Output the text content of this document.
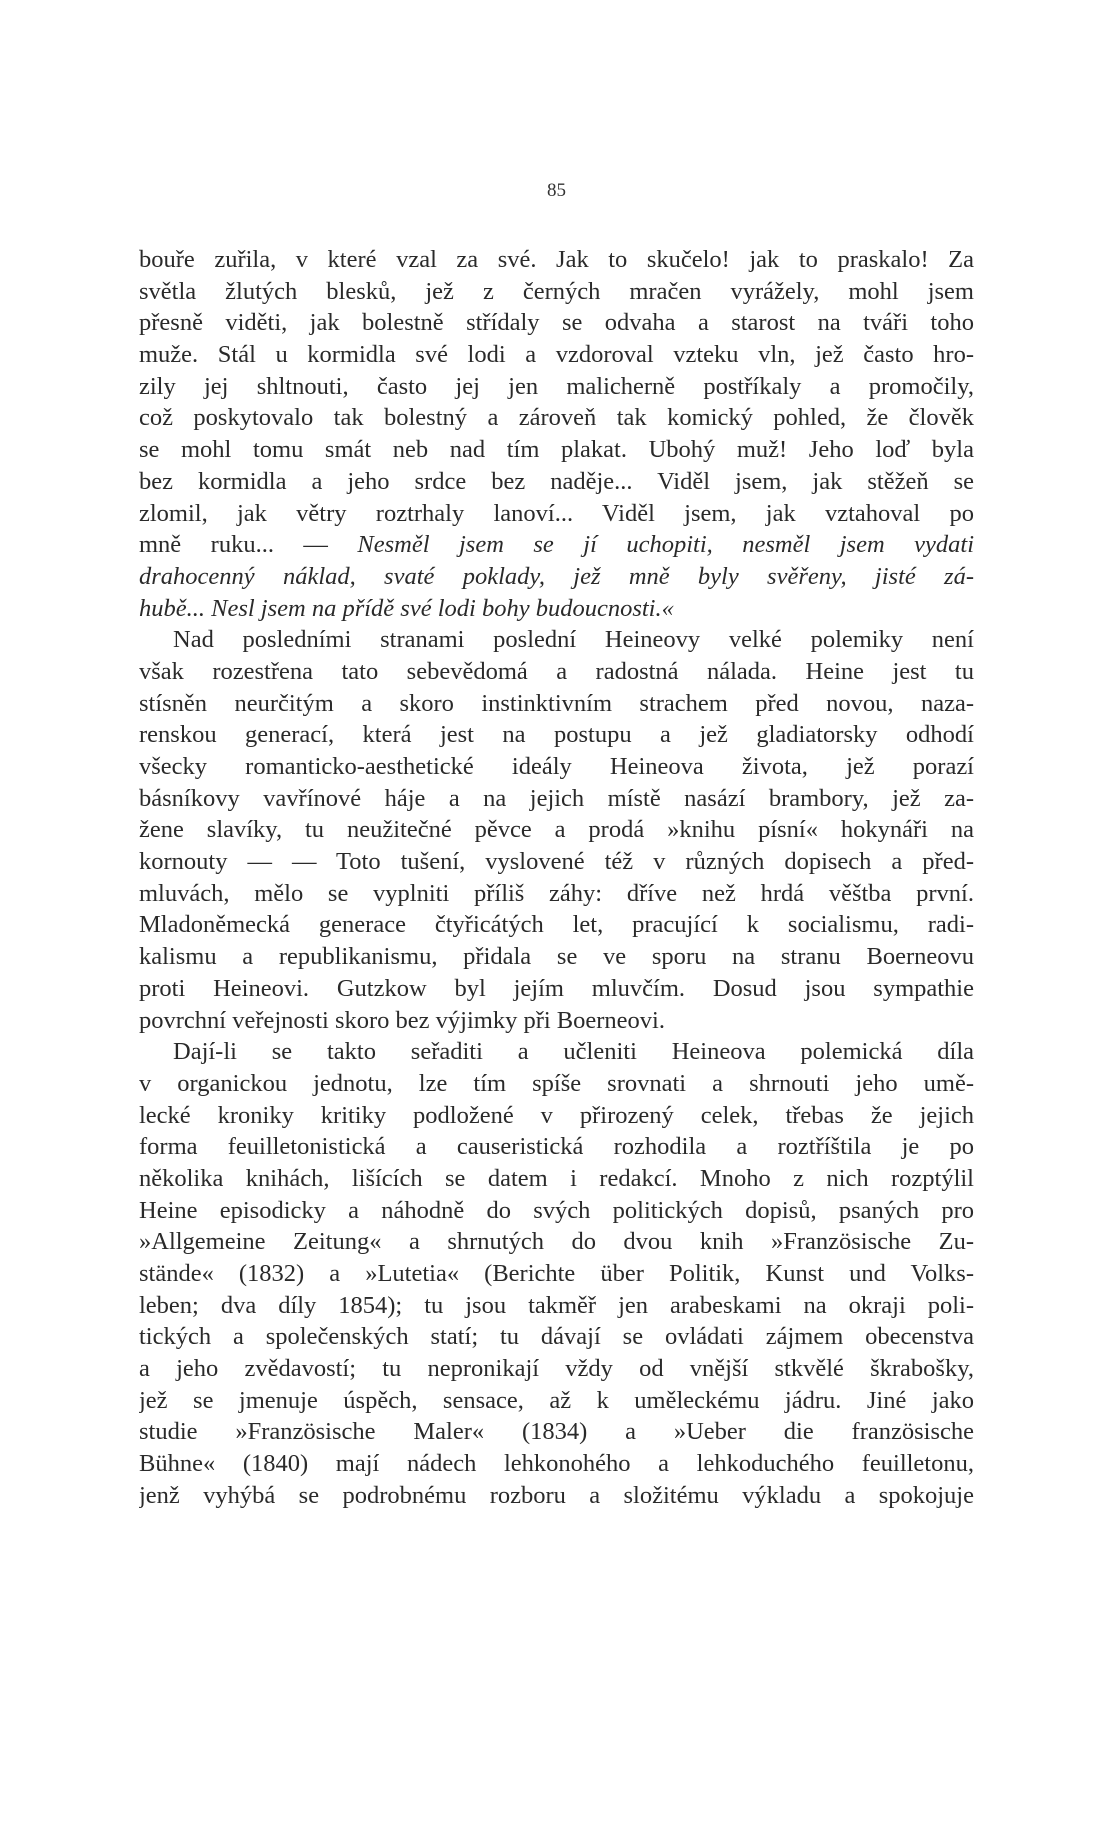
85
bouře zuřila, v které vzal za své. Jak to skučelo! jak to praskalo! Za
světla žlutých blesků, jež z černých mračen vyrážely, mohl jsem
přesně viděti, jak bolestně střídaly se odvaha a starost na tváři toho
muže. Stál u kormidla své lodi a vzdoroval vzteku vln, jež často hro-
zily jej shltnouti, často jej jen malicherně postříkaly a promočily,
což poskytovalo tak bolestný a zároveň tak komický pohled, že člověk
se mohl tomu smát neb nad tím plakat. Ubohý muž! Jeho loď byla
bez kormidla a jeho srdce bez naděje... Viděl jsem, jak stěžeň se
zlomil, jak větry roztrhaly lanoví... Viděl jsem, jak vztahoval po
mně ruku... — Nesměl jsem se jí uchopiti, nesměl jsem vydati
drahocenný náklad, svaté poklady, jež mně byly svěřeny, jisté zá-
hubě... Nesl jsem na přídě své lodi bohy budoucnosti.«
Nad posledními stranami poslední Heineovy velké polemiky není
však rozestřena tato sebevědomá a radostná nálada. Heine jest tu
stísněn neurčitým a skoro instinktivním strachem před novou, naza-
renskou generací, která jest na postupu a jež gladiatorsky odhodí
všecky romanticko-aesthetické ideály Heineova života, jež porazí
básníkovy vavřínové háje a na jejich místě nasází brambory, jež za-
žene slavíky, tu neužitečné pěvce a prodá »knihu písní« hokynáři na
kornouty — — Toto tušení, vyslovené též v různých dopisech a před-
mluvách, mělo se vyplniti příliš záhy: dříve než hrdá věštba první.
Mladoněmecká generace čtyřicátých let, pracující k socialismu, radi-
kalismu a republikanismu, přidala se ve sporu na stranu Boerneovu
proti Heineovi. Gutzkow byl jejím mluvčím. Dosud jsou sympathie
povrchní veřejnosti skoro bez výjimky při Boerneovi.
Dají-li se takto seřaditi a učleniti Heineova polemická díla
v organickou jednotu, lze tím spíše srovnati a shrnouti jeho umě-
lecké kroniky kritiky podložené v přirozený celek, třebas že jejich
forma feuilletonistická a causeristická rozhodila a roztříštila je po
několika knihách, lišících se datem i redakcí. Mnoho z nich rozptýlil
Heine episodicky a náhodně do svých politických dopisů, psaných pro
»Allgemeine Zeitung« a shrnutých do dvou knih »Französische Zu-
stände« (1832) a »Lutetia« (Berichte über Politik, Kunst und Volks-
leben; dva díly 1854); tu jsou takměř jen arabeskami na okraji poli-
tických a společenských statí; tu dávají se ovládati zájmem obecenstva
a jeho zvědavostí; tu nepronikají vždy od vnější stkvělé škrabošky,
jež se jmenuje úspěch, sensace, až k uměleckému jádru. Jiné jako
studie »Französische Maler« (1834) a »Ueber die französische
Bühne« (1840) mají nádech lehkonohého a lehkoduchého feuilletonu,
jenž vyhýbá se podrobnému rozboru a složitému výkladu a spokojuje
